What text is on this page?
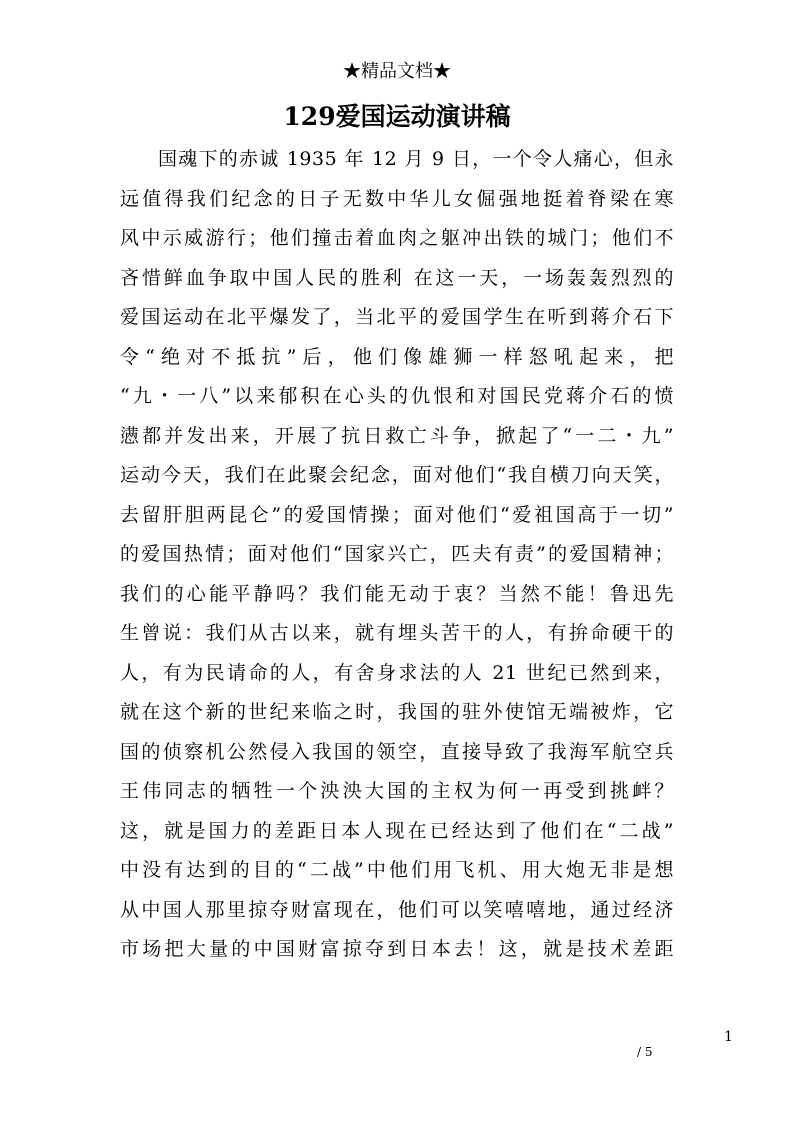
★精品文档★
129爱国运动演讲稿
国魂下的赤诚 1935 年 12 月 9 日，一个令人痛心，但永
远值得我们纪念的日子无数中华儿女倔强地挺着脊梁在寒
风中示威游行；他们撞击着血肉之躯冲出铁的城门；他们不
吝惜鲜血争取中国人民的胜利 在这一天，一场轰轰烈烈的
爱国运动在北平爆发了，当北平的爱国学生在听到蒋介石下
令“绝对不抵抗”后，他们像雄狮一样怒吼起来，把
“九・一八”以来郁积在心头的仇恨和对国民党蒋介石的愤
懑都并发出来，开展了抗日救亡斗争，掀起了“一二・九”
运动今天，我们在此聚会纪念，面对他们“我自横刀向天笑，
去留肝胆两昆仑”的爱国情操；面对他们“爱祖国高于一切”
的爱国热情；面对他们“国家兴亡，匹夫有责”的爱国精神；
我们的心能平静吗？我们能无动于衷？当然不能！鲁迅先
生曾说：我们从古以来，就有埋头苦干的人，有拚命硬干的
人，有为民请命的人，有舍身求法的人 21 世纪已然到来，
就在这个新的世纪来临之时，我国的驻外使馆无端被炸，它
国的侦察机公然侵入我国的领空，直接导致了我海军航空兵
王伟同志的牺牲一个泱泱大国的主权为何一再受到挑衅？
这，就是国力的差距日本人现在已经达到了他们在“二战”
中没有达到的目的“二战”中他们用飞机、用大炮无非是想
从中国人那里掠夺财富现在，他们可以笑嘻嘻地，通过经济
市场把大量的中国财富掠夺到日本去！这，就是技术差距
1
/ 5
